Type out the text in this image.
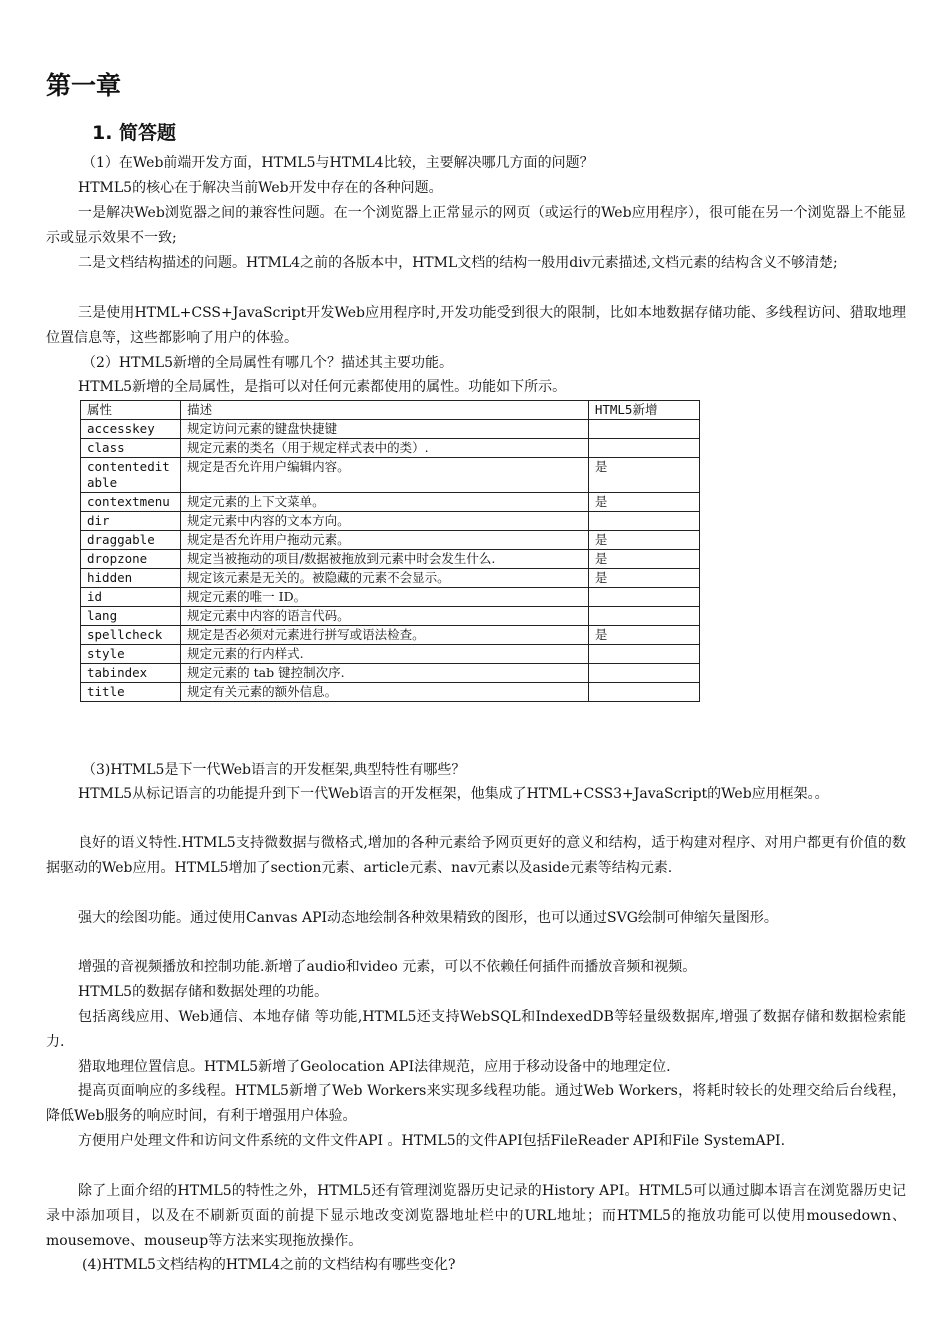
第一章
1. 简答题
（1）在Web前端开发方面，HTML5与HTML4比较，主要解决哪几方面的问题？
HTML5的核心在于解决当前Web开发中存在的各种问题。
一是解决Web浏览器之间的兼容性问题。在一个浏览器上正常显示的网页（或运行的Web应用程序），很可能在另一个浏览器上不能显示或显示效果不一致;
二是文档结构描述的问题。HTML4之前的各版本中，HTML文档的结构一般用div元素描述,文档元素的结构含义不够清楚;
三是使用HTML+CSS+JavaScript开发Web应用程序时,开发功能受到很大的限制，比如本地数据存储功能、多线程访问、猎取地理位置信息等，这些都影响了用户的体验。
（2）HTML5新增的全局属性有哪几个？描述其主要功能。
HTML5新增的全局属性，是指可以对任何元素都使用的属性。功能如下所示。
属性	描述	HTML5新增
accesskey	规定访问元素的键盘快捷键	
class	规定元素的类名（用于规定样式表中的类）.	
contentedit able	规定是否允许用户编辑内容。	是
contextmenu	规定元素的上下文菜单。	是
dir	规定元素中内容的文本方向。	
draggable	规定是否允许用户拖动元素。	是
dropzone	规定当被拖动的项目/数据被拖放到元素中时会发生什么.	是
hidden	规定该元素是无关的。被隐藏的元素不会显示。	是
id	规定元素的唯一 ID。	
lang	规定元素中内容的语言代码。	
spellcheck	规定是否必须对元素进行拼写或语法检查。	是
style	规定元素的行内样式.	
tabindex	规定元素的 tab 键控制次序.	
title	规定有关元素的额外信息。	
（3)HTML5是下一代Web语言的开发框架,典型特性有哪些？
HTML5从标记语言的功能提升到下一代Web语言的开发框架，他集成了HTML+CSS3+JavaScript的Web应用框架。。
良好的语义特性.HTML5支持微数据与微格式,增加的各种元素给予网页更好的意义和结构，适于构建对程序、对用户都更有价值的数据驱动的Web应用。HTML5增加了section元素、article元素、nav元素以及aside元素等结构元素.
强大的绘图功能。通过使用Canvas API动态地绘制各种效果精致的图形，也可以通过SVG绘制可伸缩矢量图形。
增强的音视频播放和控制功能.新增了audio和video 元素，可以不依赖任何插件而播放音频和视频。
HTML5的数据存储和数据处理的功能。
包括离线应用、Web通信、本地存储 等功能,HTML5还支持WebSQL和IndexedDB等轻量级数据库,增强了数据存储和数据检索能力.
猎取地理位置信息。HTML5新增了Geolocation API法律规范，应用于移动设备中的地理定位.
提高页面响应的多线程。HTML5新增了Web Workers来实现多线程功能。通过Web Workers，将耗时较长的处理交给后台线程，降低Web服务的响应时间，有利于增强用户体验。
方便用户处理文件和访问文件系统的文件文件API 。HTML5的文件API包括FileReader API和File SystemAPI.
除了上面介绍的HTML5的特性之外，HTML5还有管理浏览器历史记录的History API。HTML5可以通过脚本语言在浏览器历史记录中添加项目，以及在不刷新页面的前提下显示地改变浏览器地址栏中的URL地址；而HTML5的拖放功能可以使用mousedown、mousemove、mouseup等方法来实现拖放操作。
(4)HTML5文档结构的HTML4之前的文档结构有哪些变化?
